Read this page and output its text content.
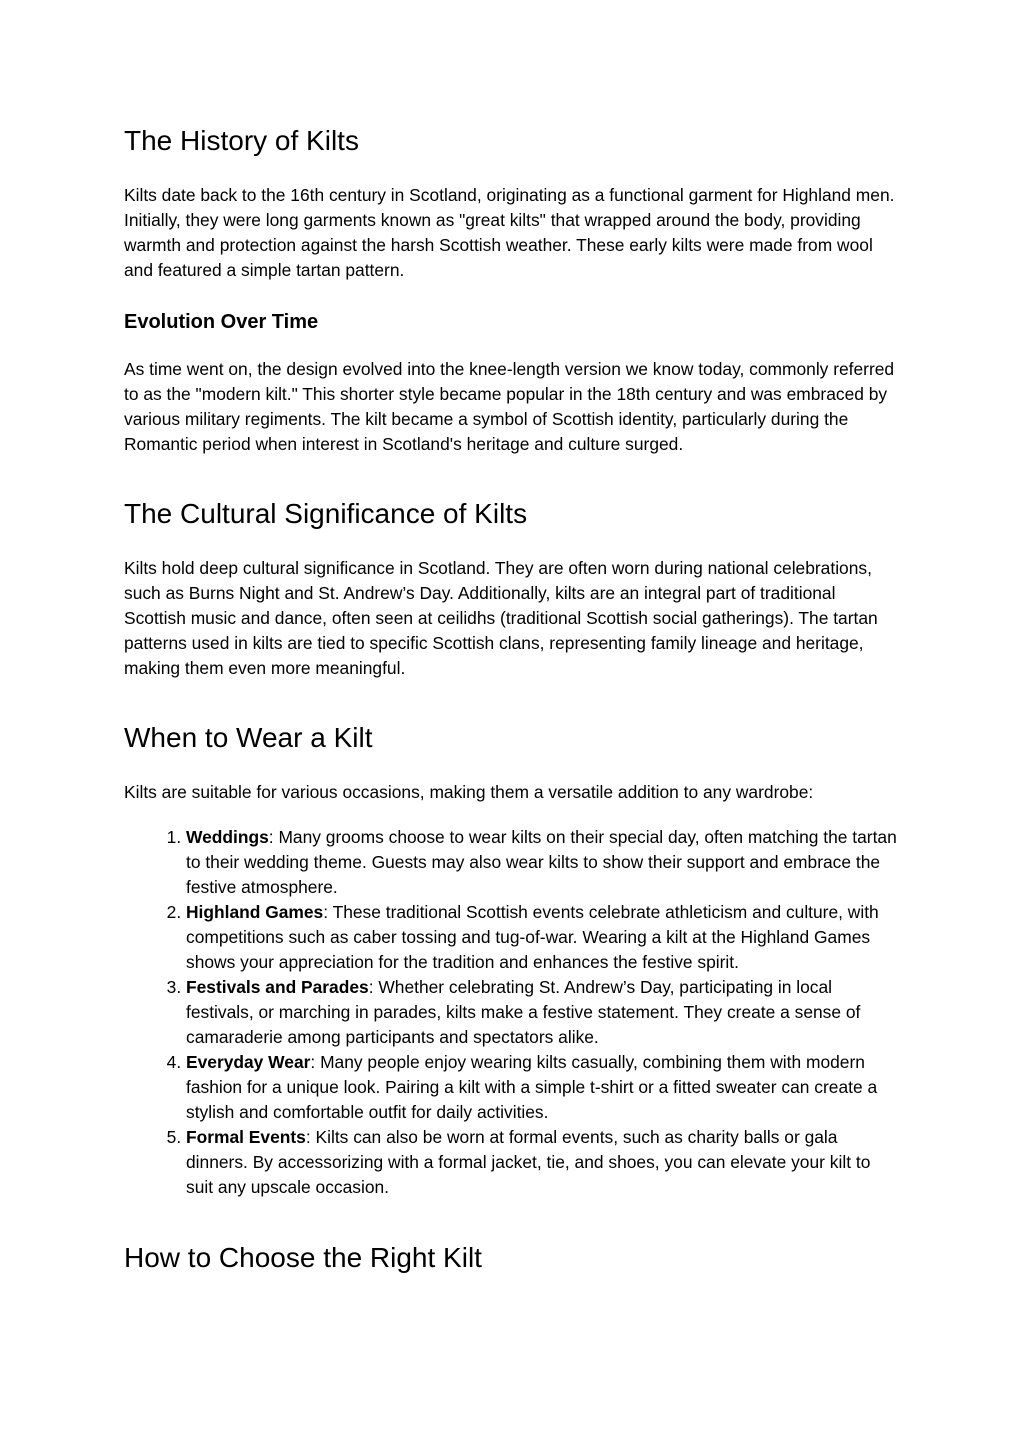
The History of Kilts

Kilts date back to the 16th century in Scotland, originating as a functional garment for Highland men. Initially, they were long garments known as "great kilts" that wrapped around the body, providing warmth and protection against the harsh Scottish weather. These early kilts were made from wool and featured a simple tartan pattern.

Evolution Over Time

As time went on, the design evolved into the knee-length version we know today, commonly referred to as the "modern kilt." This shorter style became popular in the 18th century and was embraced by various military regiments. The kilt became a symbol of Scottish identity, particularly during the Romantic period when interest in Scotland's heritage and culture surged.

The Cultural Significance of Kilts

Kilts hold deep cultural significance in Scotland. They are often worn during national celebrations, such as Burns Night and St. Andrew’s Day. Additionally, kilts are an integral part of traditional Scottish music and dance, often seen at ceilidhs (traditional Scottish social gatherings). The tartan patterns used in kilts are tied to specific Scottish clans, representing family lineage and heritage, making them even more meaningful.

When to Wear a Kilt

Kilts are suitable for various occasions, making them a versatile addition to any wardrobe:

1. Weddings: Many grooms choose to wear kilts on their special day, often matching the tartan to their wedding theme. Guests may also wear kilts to show their support and embrace the festive atmosphere.
2. Highland Games: These traditional Scottish events celebrate athleticism and culture, with competitions such as caber tossing and tug-of-war. Wearing a kilt at the Highland Games shows your appreciation for the tradition and enhances the festive spirit.
3. Festivals and Parades: Whether celebrating St. Andrew’s Day, participating in local festivals, or marching in parades, kilts make a festive statement. They create a sense of camaraderie among participants and spectators alike.
4. Everyday Wear: Many people enjoy wearing kilts casually, combining them with modern fashion for a unique look. Pairing a kilt with a simple t-shirt or a fitted sweater can create a stylish and comfortable outfit for daily activities.
5. Formal Events: Kilts can also be worn at formal events, such as charity balls or gala dinners. By accessorizing with a formal jacket, tie, and shoes, you can elevate your kilt to suit any upscale occasion.
How to Choose the Right Kilt
